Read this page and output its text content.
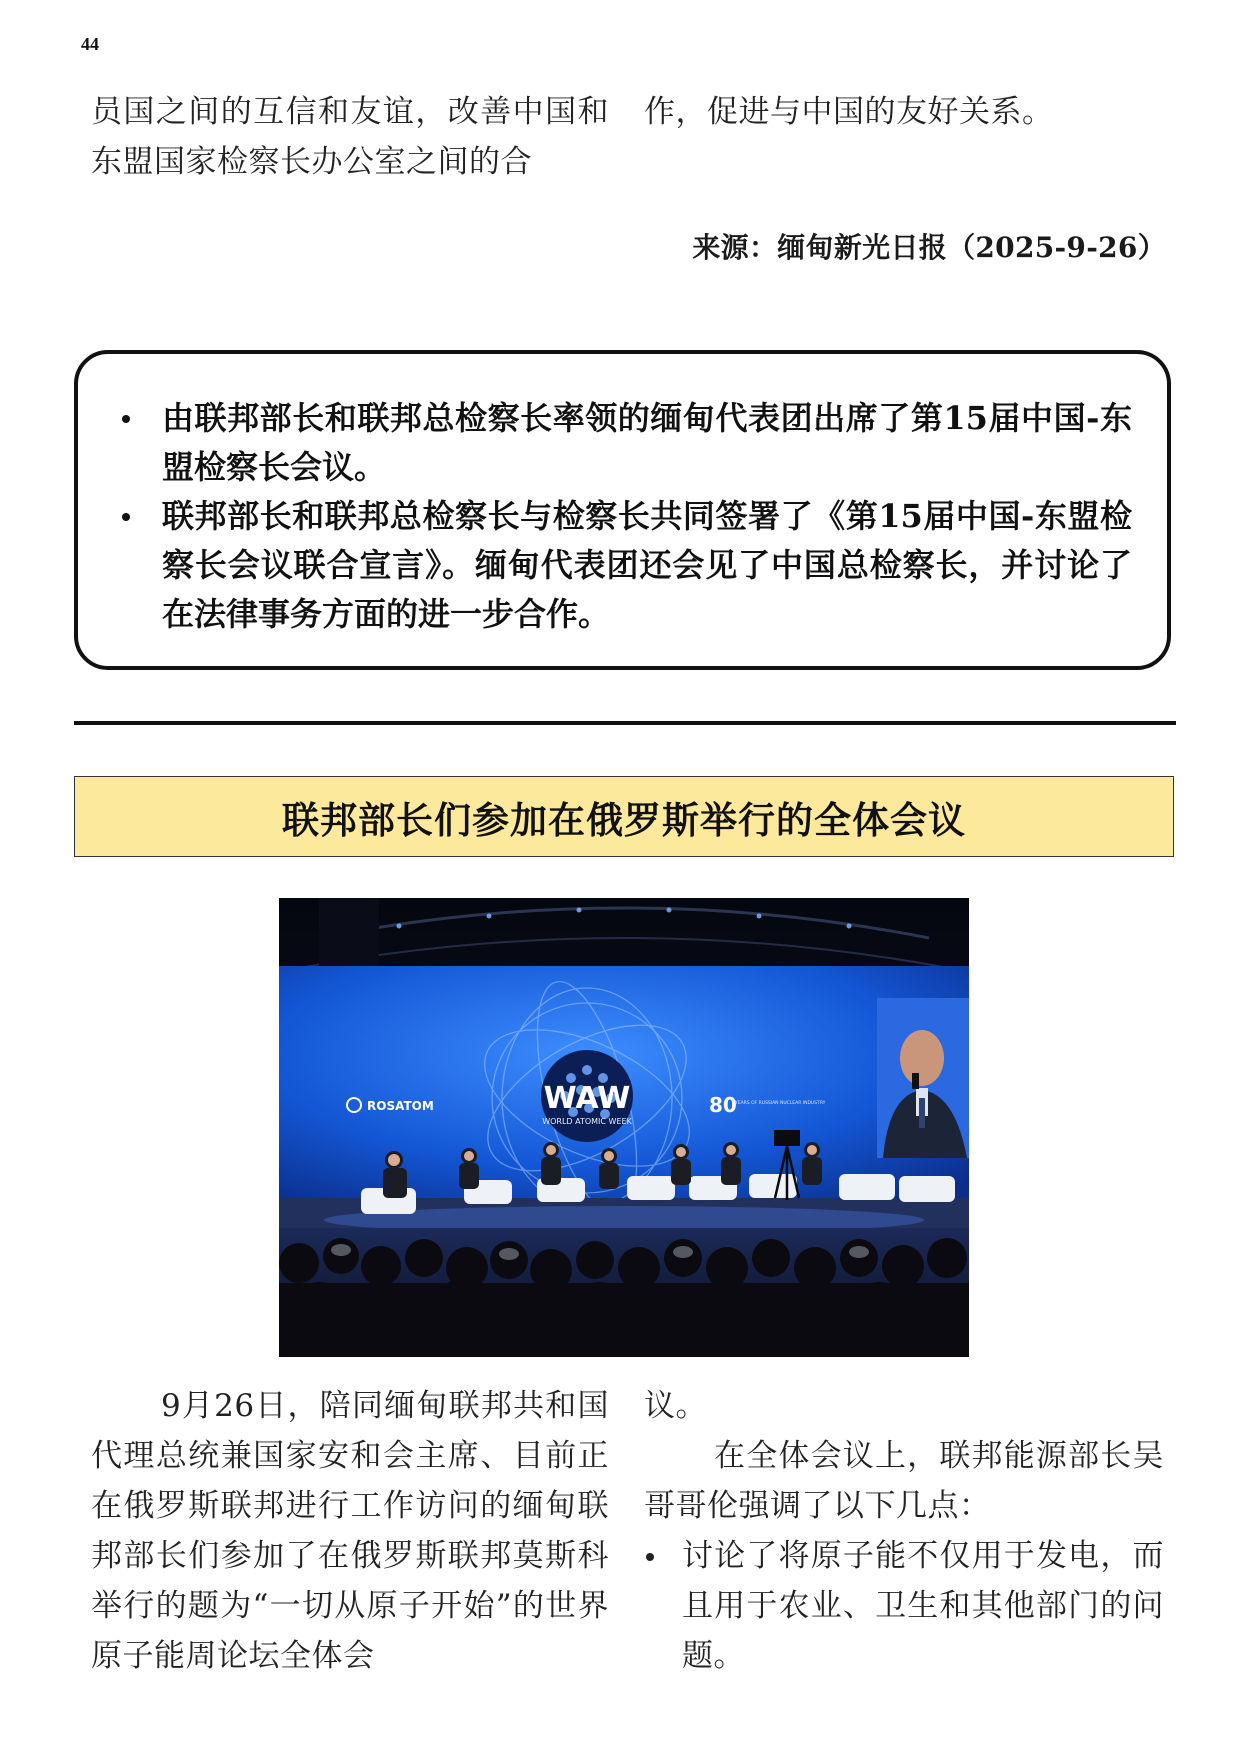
44

员国之间的互信和友谊，改善中国和东盟国家检察长办公室之间的合

作，促进与中国的友好关系。

来源：缅甸新光日报（2025-9-26）
由联邦部长和联邦总检察长率领的缅甸代表团出席了第15届中国-东盟检察长会议。
联邦部长和联邦总检察长与检察长共同签署了《第15届中国-东盟检察长会议联合宣言》。缅甸代表团还会见了中国总检察长，并讨论了在法律事务方面的进一步合作。
联邦部长们参加在俄罗斯举行的全体会议
WAW
WORLD ATOMIC WEEK
ROSATOM	80
YEARS OF RUSSIAN NUCLEAR INDUSTRY

9月26日，陪同缅甸联邦共和国代理总统兼国家安和会主席、目前正在俄罗斯联邦进行工作访问的缅甸联邦部长们参加了在俄罗斯联邦莫斯科举行的题为“一切从原子开始”的世界原子能周论坛全体会

议。

在全体会议上，联邦能源部长吴哥哥伦强调了以下几点：

讨论了将原子能不仅用于发电，而且用于农业、卫生和其他部门的问题。
